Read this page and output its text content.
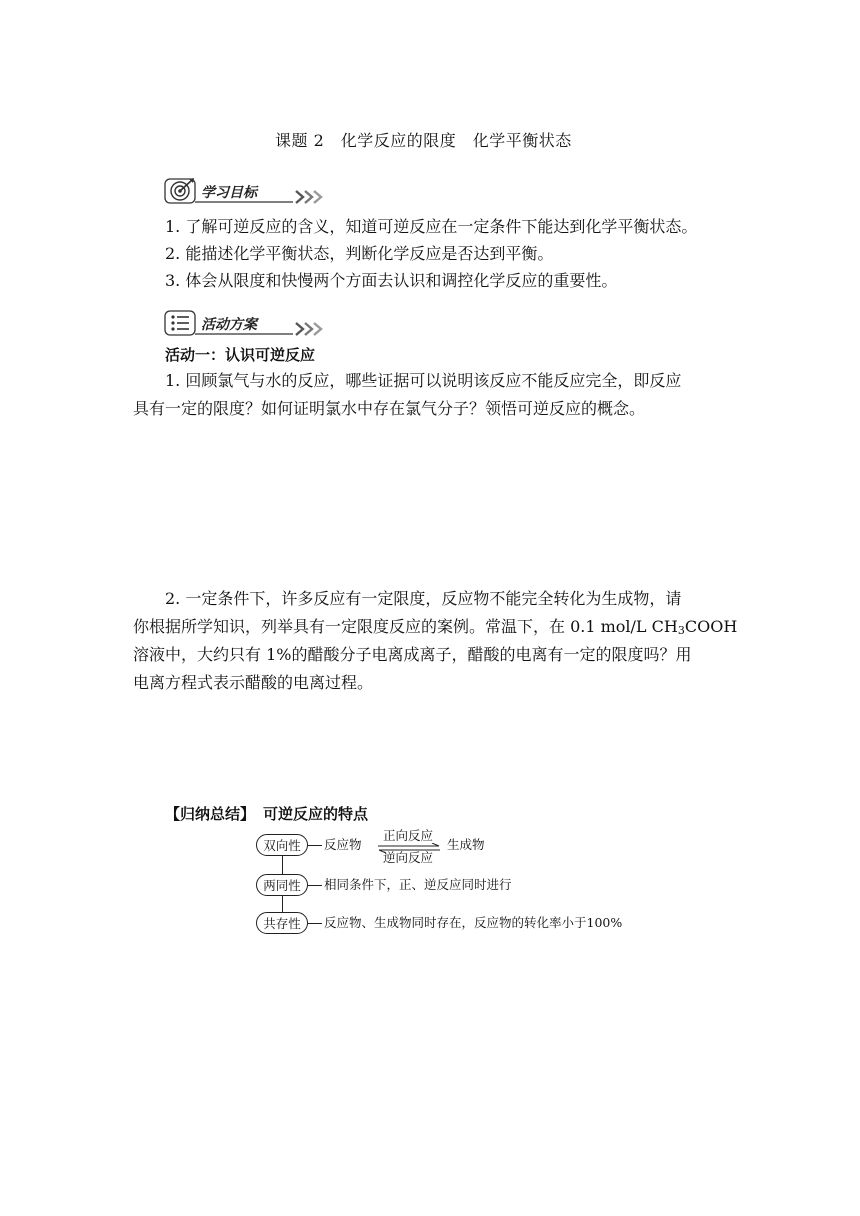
课题 2　化学反应的限度　化学平衡状态
学习目标
1. 了解可逆反应的含义，知道可逆反应在一定条件下能达到化学平衡状态。
2. 能描述化学平衡状态，判断化学反应是否达到平衡。
3. 体会从限度和快慢两个方面去认识和调控化学反应的重要性。
活动方案
活动一：认识可逆反应
1. 回顾氯气与水的反应，哪些证据可以说明该反应不能反应完全，即反应
具有一定的限度？如何证明氯水中存在氯气分子？领悟可逆反应的概念。
2. 一定条件下，许多反应有一定限度，反应物不能完全转化为生成物，请
你根据所学知识，列举具有一定限度反应的案例。常温下，在 0.1 mol/L $CH_3COOH$
溶液中，大约只有 1%的醋酸分子电离成离子，醋酸的电离有一定的限度吗？用
电离方程式表示醋酸的电离过程。
【归纳总结】 可逆反应的特点
双向性	反应物
正向反应
逆向反应
生成物
两同性	相同条件下，正、逆反应同时进行
共存性	反应物、生成物同时存在，反应物的转化率小于100%
